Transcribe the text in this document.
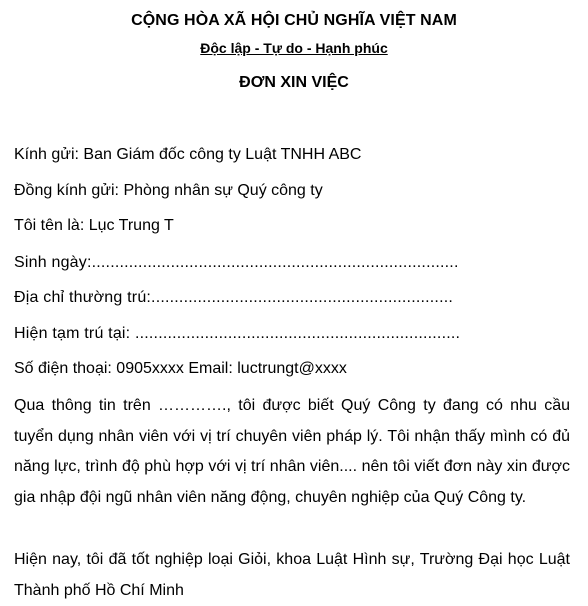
CỘNG HÒA XÃ HỘI CHỦ NGHĨA VIỆT NAM
Độc lập - Tự do - Hạnh phúc
ĐƠN XIN VIỆC
Kính gửi: Ban Giám đốc công ty Luật TNHH ABC
Đồng kính gửi: Phòng nhân sự Quý công ty
Tôi tên là: Lục Trung T
Sinh ngày:...............................................................................
Địa chỉ thường trú:.................................................................
Hiện tạm trú tại: ......................................................................
Số điện thoại: 0905xxxx Email: luctrungt@xxxx
Qua thông tin trên …………., tôi được biết Quý Công ty đang có nhu cầu tuyển dụng nhân viên với vị trí chuyên viên pháp lý. Tôi nhận thấy mình có đủ năng lực, trình độ phù hợp với vị trí nhân viên.... nên tôi viết đơn này xin được gia nhập đội ngũ nhân viên năng động, chuyên nghiệp của Quý Công ty.
Hiện nay, tôi đã tốt nghiệp loại Giỏi, khoa Luật Hình sự, Trường Đại học Luật Thành phố Hồ Chí Minh
